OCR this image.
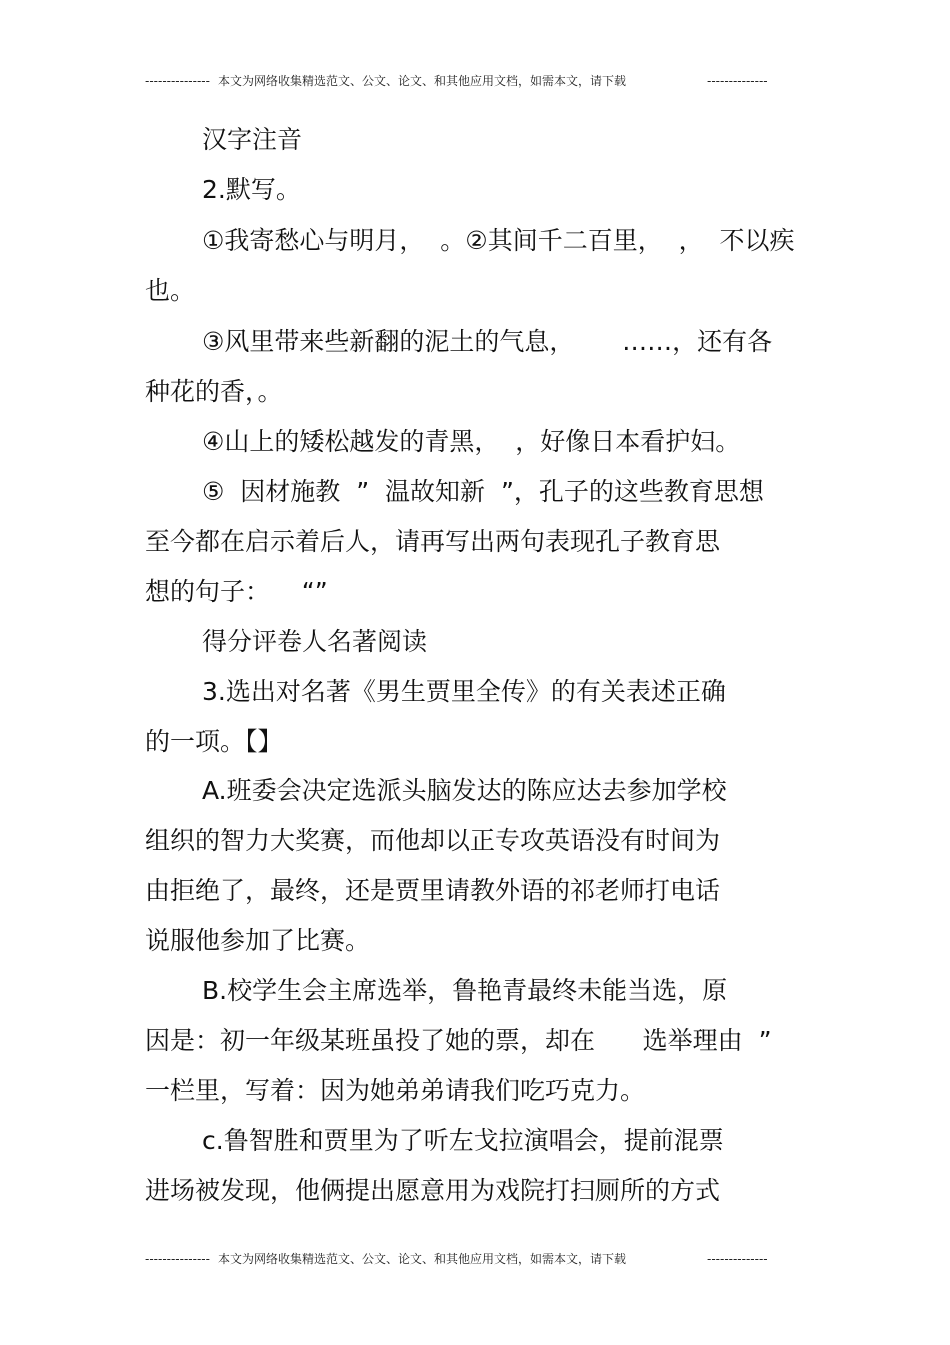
---------------

本文为网络收集精选范文、公文、论文、和其他应用文档，如需本文，请下载

	--------------

汉字注音
2.默写。
①我寄愁心与明月，  。②其间千二百里，  ，  不以疾
也。
③风里带来些新翻的泥土的气息，      ……，还有各
种花的香，。
④山上的矮松越发的青黑，  ，好像日本看护妇。
⑤  因材施教  ”  温故知新  ”，孔子的这些教育思想
至今都在启示着后人，请再写出两句表现孔子教育思
想的句子：    “”
得分评卷人名著阅读
3.选出对名著《男生贾里全传》的有关表述正确
的一项。【】
A.班委会决定选派头脑发达的陈应达去参加学校
组织的智力大奖赛，而他却以正专攻英语没有时间为
由拒绝了，最终，还是贾里请教外语的祁老师打电话
说服他参加了比赛。
B.校学生会主席选举，鲁艳青最终未能当选，原
因是：初一年级某班虽投了她的票，却在      选举理由  ”
一栏里，写着：因为她弟弟请我们吃巧克力。
c.鲁智胜和贾里为了听左戈拉演唱会，提前混票
进场被发现，他俩提出愿意用为戏院打扫厕所的方式

---------------

本文为网络收集精选范文、公文、论文、和其他应用文档，如需本文，请下载

	--------------
